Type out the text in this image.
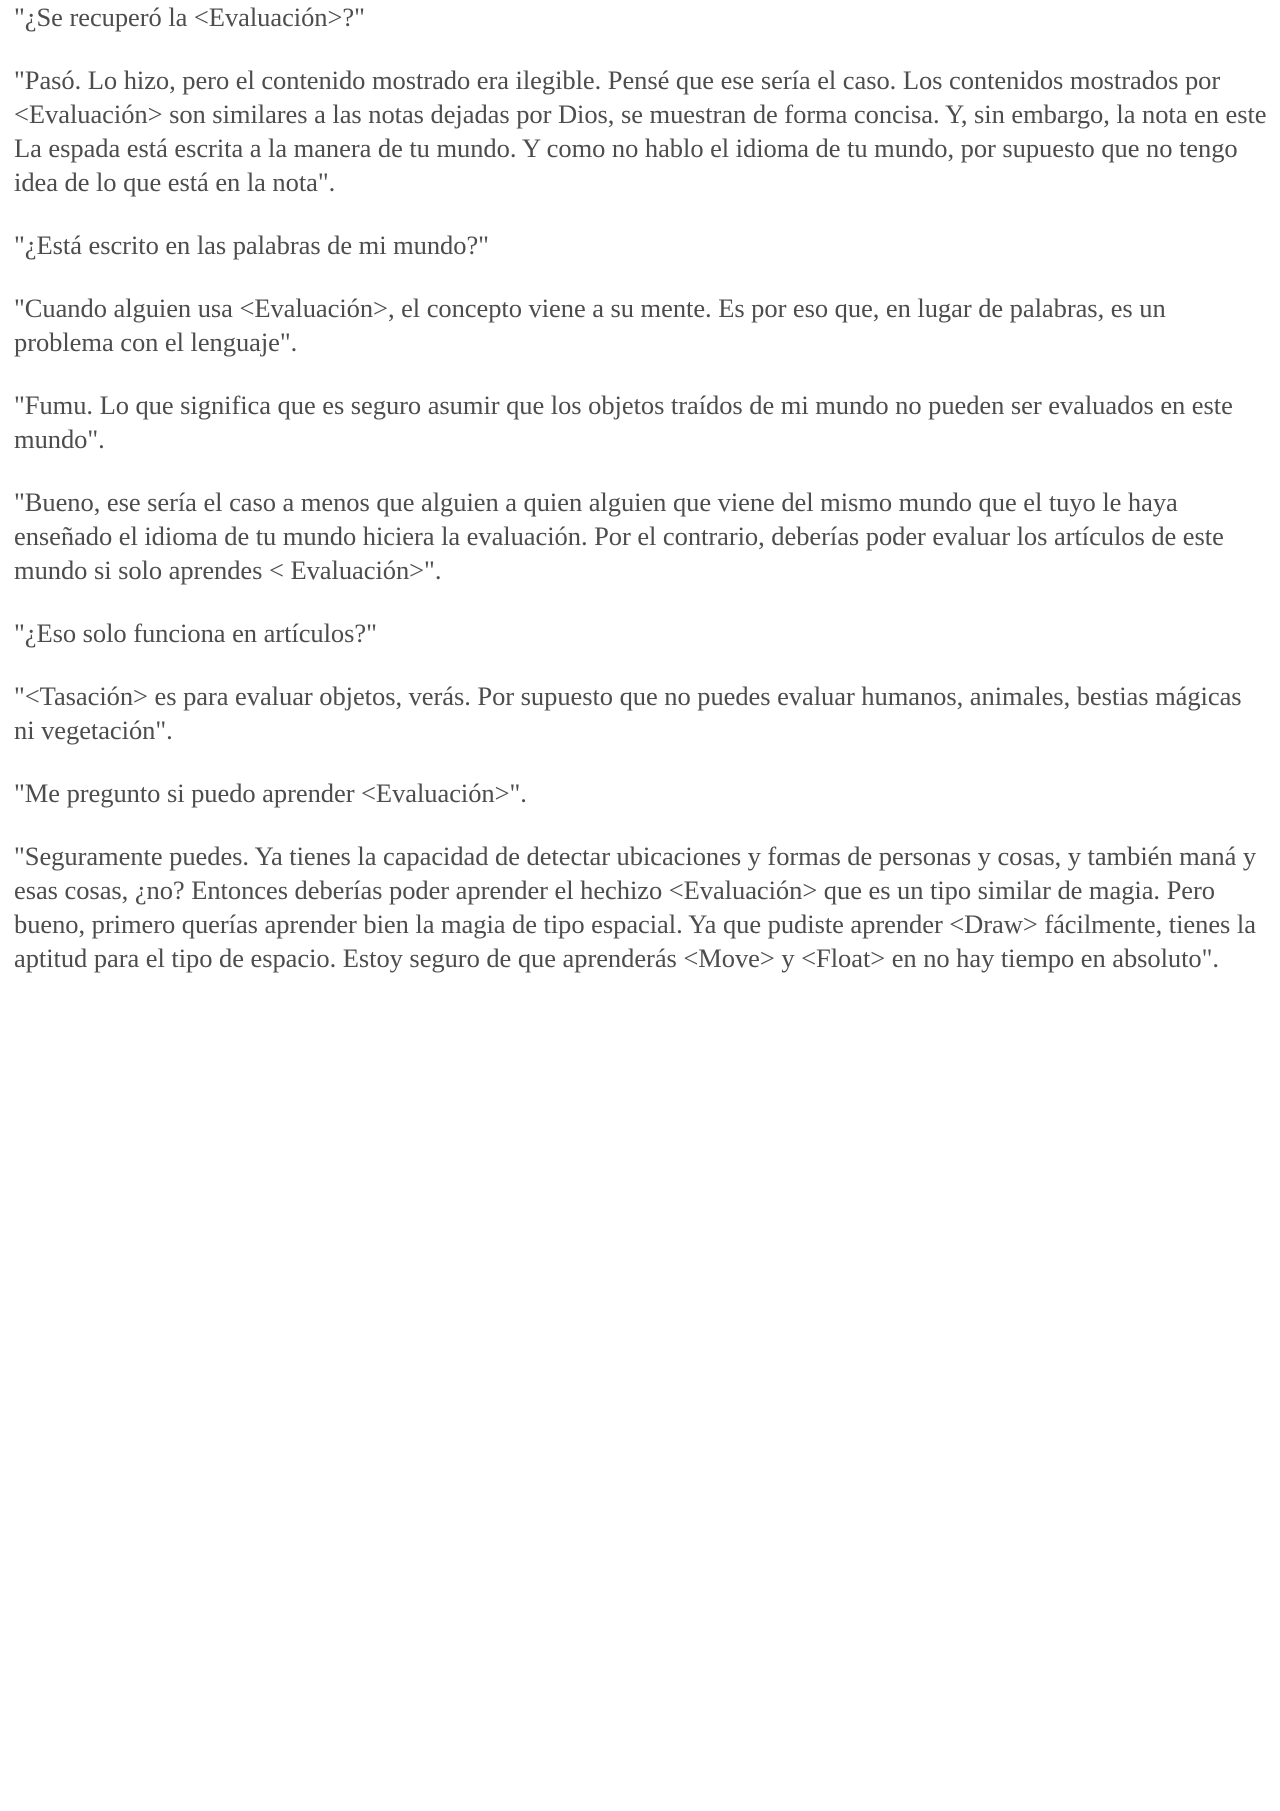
"¿Se recuperó la <Evaluación>?"

"Pasó. Lo hizo, pero el contenido mostrado era ilegible. Pensé que ese sería el caso. Los contenidos mostrados por <Evaluación> son similares a las notas dejadas por Dios, se muestran de forma concisa. Y, sin embargo, la nota en este La espada está escrita a la manera de tu mundo. Y como no hablo el idioma de tu mundo, por supuesto que no tengo idea de lo que está en la nota".

"¿Está escrito en las palabras de mi mundo?"

"Cuando alguien usa <Evaluación>, el concepto viene a su mente. Es por eso que, en lugar de palabras, es un problema con el lenguaje".

"Fumu. Lo que significa que es seguro asumir que los objetos traídos de mi mundo no pueden ser evaluados en este mundo".

"Bueno, ese sería el caso a menos que alguien a quien alguien que viene del mismo mundo que el tuyo le haya enseñado el idioma de tu mundo hiciera la evaluación. Por el contrario, deberías poder evaluar los artículos de este mundo si solo aprendes < Evaluación>".

"¿Eso solo funciona en artículos?"

"<Tasación> es para evaluar objetos, verás. Por supuesto que no puedes evaluar humanos, animales, bestias mágicas ni vegetación".

"Me pregunto si puedo aprender <Evaluación>".

"Seguramente puedes. Ya tienes la capacidad de detectar ubicaciones y formas de personas y cosas, y también maná y esas cosas, ¿no? Entonces deberías poder aprender el hechizo <Evaluación> que es un tipo similar de magia. Pero bueno, primero querías aprender bien la magia de tipo espacial. Ya que pudiste aprender <Draw> fácilmente, tienes la aptitud para el tipo de espacio. Estoy seguro de que aprenderás <Move> y <Float> en no hay tiempo en absoluto".
